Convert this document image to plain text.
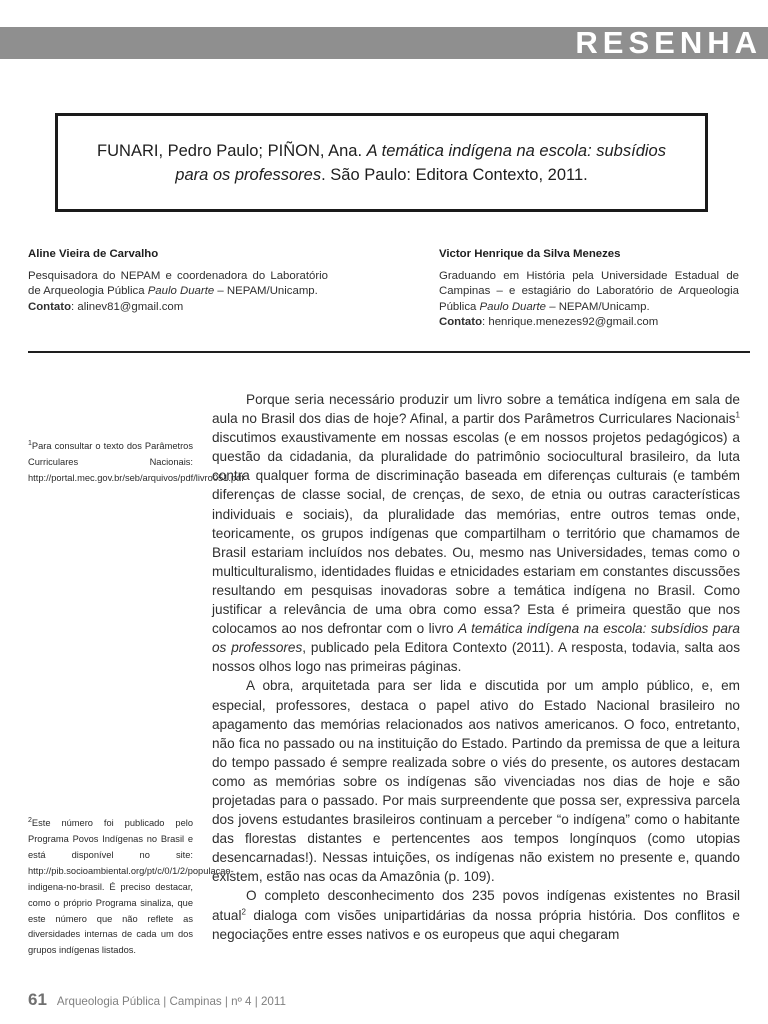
RESENHA

FUNARI, Pedro Paulo; PIÑON, Ana. A temática indígena na escola: subsídios para os professores. São Paulo: Editora Contexto, 2011.

Aline Vieira de Carvalho
Pesquisadora do NEPAM e coordenadora do Laboratório de Arqueologia Pública Paulo Duarte – NEPAM/Unicamp.
Contato: alinev81@gmail.com
Victor Henrique da Silva Menezes
Graduando em História pela Universidade Estadual de Campinas – e estagiário do Laboratório de Arqueologia Pública Paulo Duarte – NEPAM/Unicamp.
Contato: henrique.menezes92@gmail.com
$^1$Para consultar o texto dos Parâmetros Curriculares Nacionais: http://portal.mec.gov.br/seb/arquivos/pdf/livro051.pdf
$^2$Este número foi publicado pelo Programa Povos Indígenas no Brasil e está disponível no site: http://pib.socioambiental.org/pt/c/0/1/2/populacao-indigena-no-brasil. É preciso destacar, como o próprio Programa sinaliza, que este número que não reflete as diversidades internas de cada um dos grupos indígenas listados.

Porque seria necessário produzir um livro sobre a temática indígena em sala de aula no Brasil dos dias de hoje? Afinal, a partir dos Parâmetros Curriculares Nacionais$^1$ discutimos exaustivamente em nossas escolas (e em nossos projetos pedagógicos) a questão da cidadania, da pluralidade do patrimônio sociocultural brasileiro, da luta contra qualquer forma de discriminação baseada em diferenças culturais (e também diferenças de classe social, de crenças, de sexo, de etnia ou outras características individuais e sociais), da pluralidade das memórias, entre outros temas onde, teoricamente, os grupos indígenas que compartilham o território que chamamos de Brasil estariam incluídos nos debates. Ou, mesmo nas Universidades, temas como o multiculturalismo, identidades fluidas e etnicidades estariam em constantes discussões resultando em pesquisas inovadoras sobre a temática indígena no Brasil. Como justificar a relevância de uma obra como essa? Esta é primeira questão que nos colocamos ao nos defrontar com o livro A temática indígena na escola: subsídios para os professores, publicado pela Editora Contexto (2011). A resposta, todavia, salta aos nossos olhos logo nas primeiras páginas.

A obra, arquitetada para ser lida e discutida por um amplo público, e, em especial, professores, destaca o papel ativo do Estado Nacional brasileiro no apagamento das memórias relacionados aos nativos americanos. O foco, entretanto, não fica no passado ou na instituição do Estado. Partindo da premissa de que a leitura do tempo passado é sempre realizada sobre o viés do presente, os autores destacam como as memórias sobre os indígenas são vivenciadas nos dias de hoje e são projetadas para o passado. Por mais surpreendente que possa ser, expressiva parcela dos jovens estudantes brasileiros continuam a perceber “o indígena” como o habitante das florestas distantes e pertencentes aos tempos longínquos (como utopias desencarnadas!). Nessas intuições, os indígenas não existem no presente e, quando existem, estão nas ocas da Amazônia (p. 109).

O completo desconhecimento dos 235 povos indígenas existentes no Brasil atual$^2$ dialoga com visões unipartidárias da nossa própria história. Dos conflitos e negociações entre esses nativos e os europeus que aqui chegaram

61 Arqueologia Pública | Campinas | nº 4 | 2011
